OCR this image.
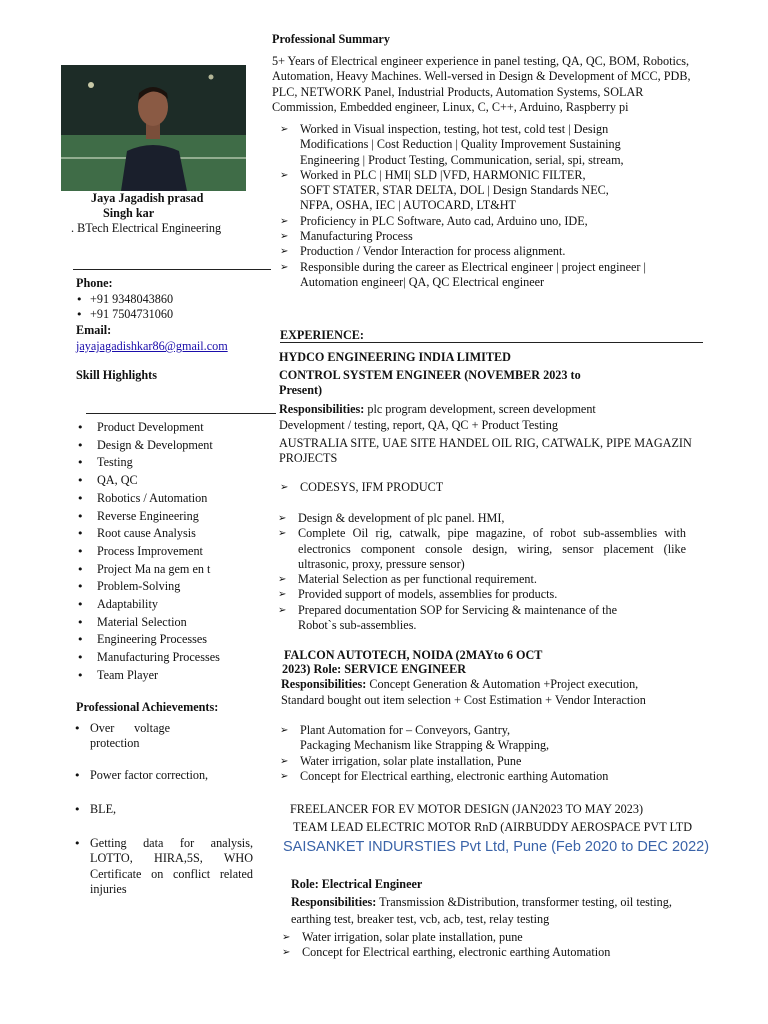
Jaya Jagadish prasad
Singh kar
. BTech Electrical Engineering
Phone:
• +91 9348043860
• +91 7504731060
Email:
jayajagadishkar86@gmail.com
Skill Highlights
• Product Development
• Design & Development
• Testing
• QA, QC
• Robotics / Automation
• Reverse Engineering
• Root cause Analysis
• Process Improvement
• Project Ma na gem en t
• Problem-Solving
• Adaptability
• Material Selection
• Engineering Processes
• Manufacturing Processes
• Team Player
Professional Achievements:
• Over voltage protection
• Power factor correction,
• BLE,
• Getting data for analysis, LOTTO, HIRA,5S, WHO Certificate on conflict related injuries
Professional Summary
5+ Years of Electrical engineer experience in panel testing, QA, QC, BOM, Robotics, Automation, Heavy Machines. Well-versed in Design & Development of MCC, PDB, PLC, NETWORK Panel, Industrial Products, Automation Systems, SOLAR Commission, Embedded engineer, Linux, C, C++, Arduino, Raspberry pi
➢ Worked in Visual inspection, testing, hot test, cold test | Design Modifications | Cost Reduction | Quality Improvement Sustaining Engineering | Product Testing, Communication, serial, spi, stream,
➢ Worked in PLC | HMI| SLD |VFD, HARMONIC FILTER, SOFT STATER, STAR DELTA, DOL | Design Standards NEC, NFPA, OSHA, IEC | AUTOCARD, LT&HT
➢ Proficiency in PLC Software, Auto cad, Arduino uno, IDE,
➢ Manufacturing Process
➢ Production / Vendor Interaction for process alignment.
➢ Responsible during the career as Electrical engineer | project engineer | Automation engineer| QA, QC Electrical engineer
EXPERIENCE:
HYDCO ENGINEERING INDIA LIMITED
CONTROL SYSTEM ENGINEER (NOVEMBER 2023 to Present)
Responsibilities: plc program development, screen development
Development / testing, report, QA, QC + Product Testing
AUSTRALIA SITE, UAE SITE HANDEL OIL RIG, CATWALK, PIPE MAGAZIN PROJECTS
➢ CODESYS, IFM PRODUCT
➢ Design & development of plc panel. HMI,
➢ Complete Oil rig, catwalk, pipe magazine, of robot sub-assemblies with electronics component console design, wiring, sensor placement (like ultrasonic, proxy, pressure sensor)
➢ Material Selection as per functional requirement.
➢ Provided support of models, assemblies for products.
➢ Prepared documentation SOP for Servicing & maintenance of the Robot`s sub-assemblies.
FALCON AUTOTECH, NOIDA (2MAYto 6 OCT
2023) Role: SERVICE ENGINEER
Responsibilities: Concept Generation & Automation +Project execution,
Standard bought out item selection + Cost Estimation + Vendor Interaction
➢ Plant Automation for – Conveyors, Gantry, Packaging Mechanism like Strapping & Wrapping,
➢ Water irrigation, solar plate installation, Pune
➢ Concept for Electrical earthing, electronic earthing Automation
FREELANCER FOR EV MOTOR DESIGN (JAN2023 TO MAY 2023)
TEAM LEAD ELECTRIC MOTOR RnD (AIRBUDDY AEROSPACE PVT LTD
SAISANKET INDURSTIES Pvt Ltd, Pune (Feb 2020 to DEC 2022)
Role: Electrical Engineer
Responsibilities: Transmission &Distribution, transformer testing, oil testing, earthing test, breaker test, vcb, acb, test, relay testing
➢ Water irrigation, solar plate installation, pune
➢ Concept for Electrical earthing, electronic earthing Automation
